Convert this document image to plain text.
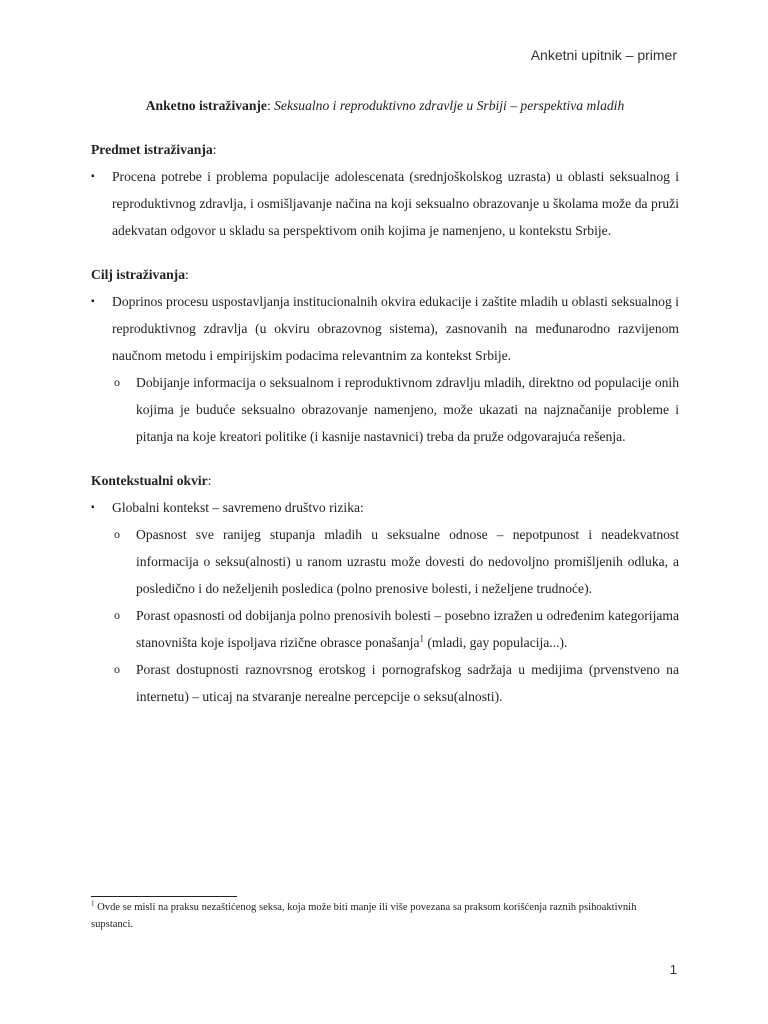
Anketni upitnik – primer

Anketno istraživanje: Seksualno i reproduktivno zdravlje u Srbiji – perspektiva mladih

Predmet istraživanja:

▪ Procena potrebe i problema populacije adolescenata (srednjoškolskog uzrasta) u oblasti seksualnog i reproduktivnog zdravlja, i osmišljavanje načina na koji seksualno obrazovanje u školama može da pruži adekvatan odgovor u skladu sa perspektivom onih kojima je namenjeno, u kontekstu Srbije.

Cilj istraživanja:

▪ Doprinos procesu uspostavljanja institucionalnih okvira edukacije i zaštite mladih u oblasti seksualnog i reproduktivnog zdravlja (u okviru obrazovnog sistema), zasnovanih na međunarodno razvijenom naučnom metodu i empirijskim podacima relevantnim za kontekst Srbije.

o Dobijanje informacija o seksualnom i reproduktivnom zdravlju mladih, direktno od populacije onih kojima je buduće seksualno obrazovanje namenjeno, može ukazati na najznačanije probleme i pitanja na koje kreatori politike (i kasnije nastavnici) treba da pruže odgovarajuća rešenja.

Kontekstualni okvir:

▪ Globalni kontekst – savremeno društvo rizika:

o Opasnost sve ranijeg stupanja mladih u seksualne odnose – nepotpunost i neadekvatnost informacija o seksu(alnosti) u ranom uzrastu može dovesti do nedovoljno promišljenih odluka, a posledično i do neželjenih posledica (polno prenosive bolesti, i neželjene trudnoće).

o Porast opasnosti od dobijanja polno prenosivih bolesti – posebno izražen u određenim kategorijama stanovništa koje ispoljava rizične obrasce ponašanja$^1$ (mladi, gay populacija...).

o Porast dostupnosti raznovrsnog erotskog i pornografskog sadržaja u medijima (prvenstveno na internetu) – uticaj na stvaranje nerealne percepcije o seksu(alnosti).

$^1$ Ovde se misli na praksu nezaštićenog seksa, koja može biti manje ili više povezana sa praksom korišćenja raznih psihoaktivnih supstanci.
1
